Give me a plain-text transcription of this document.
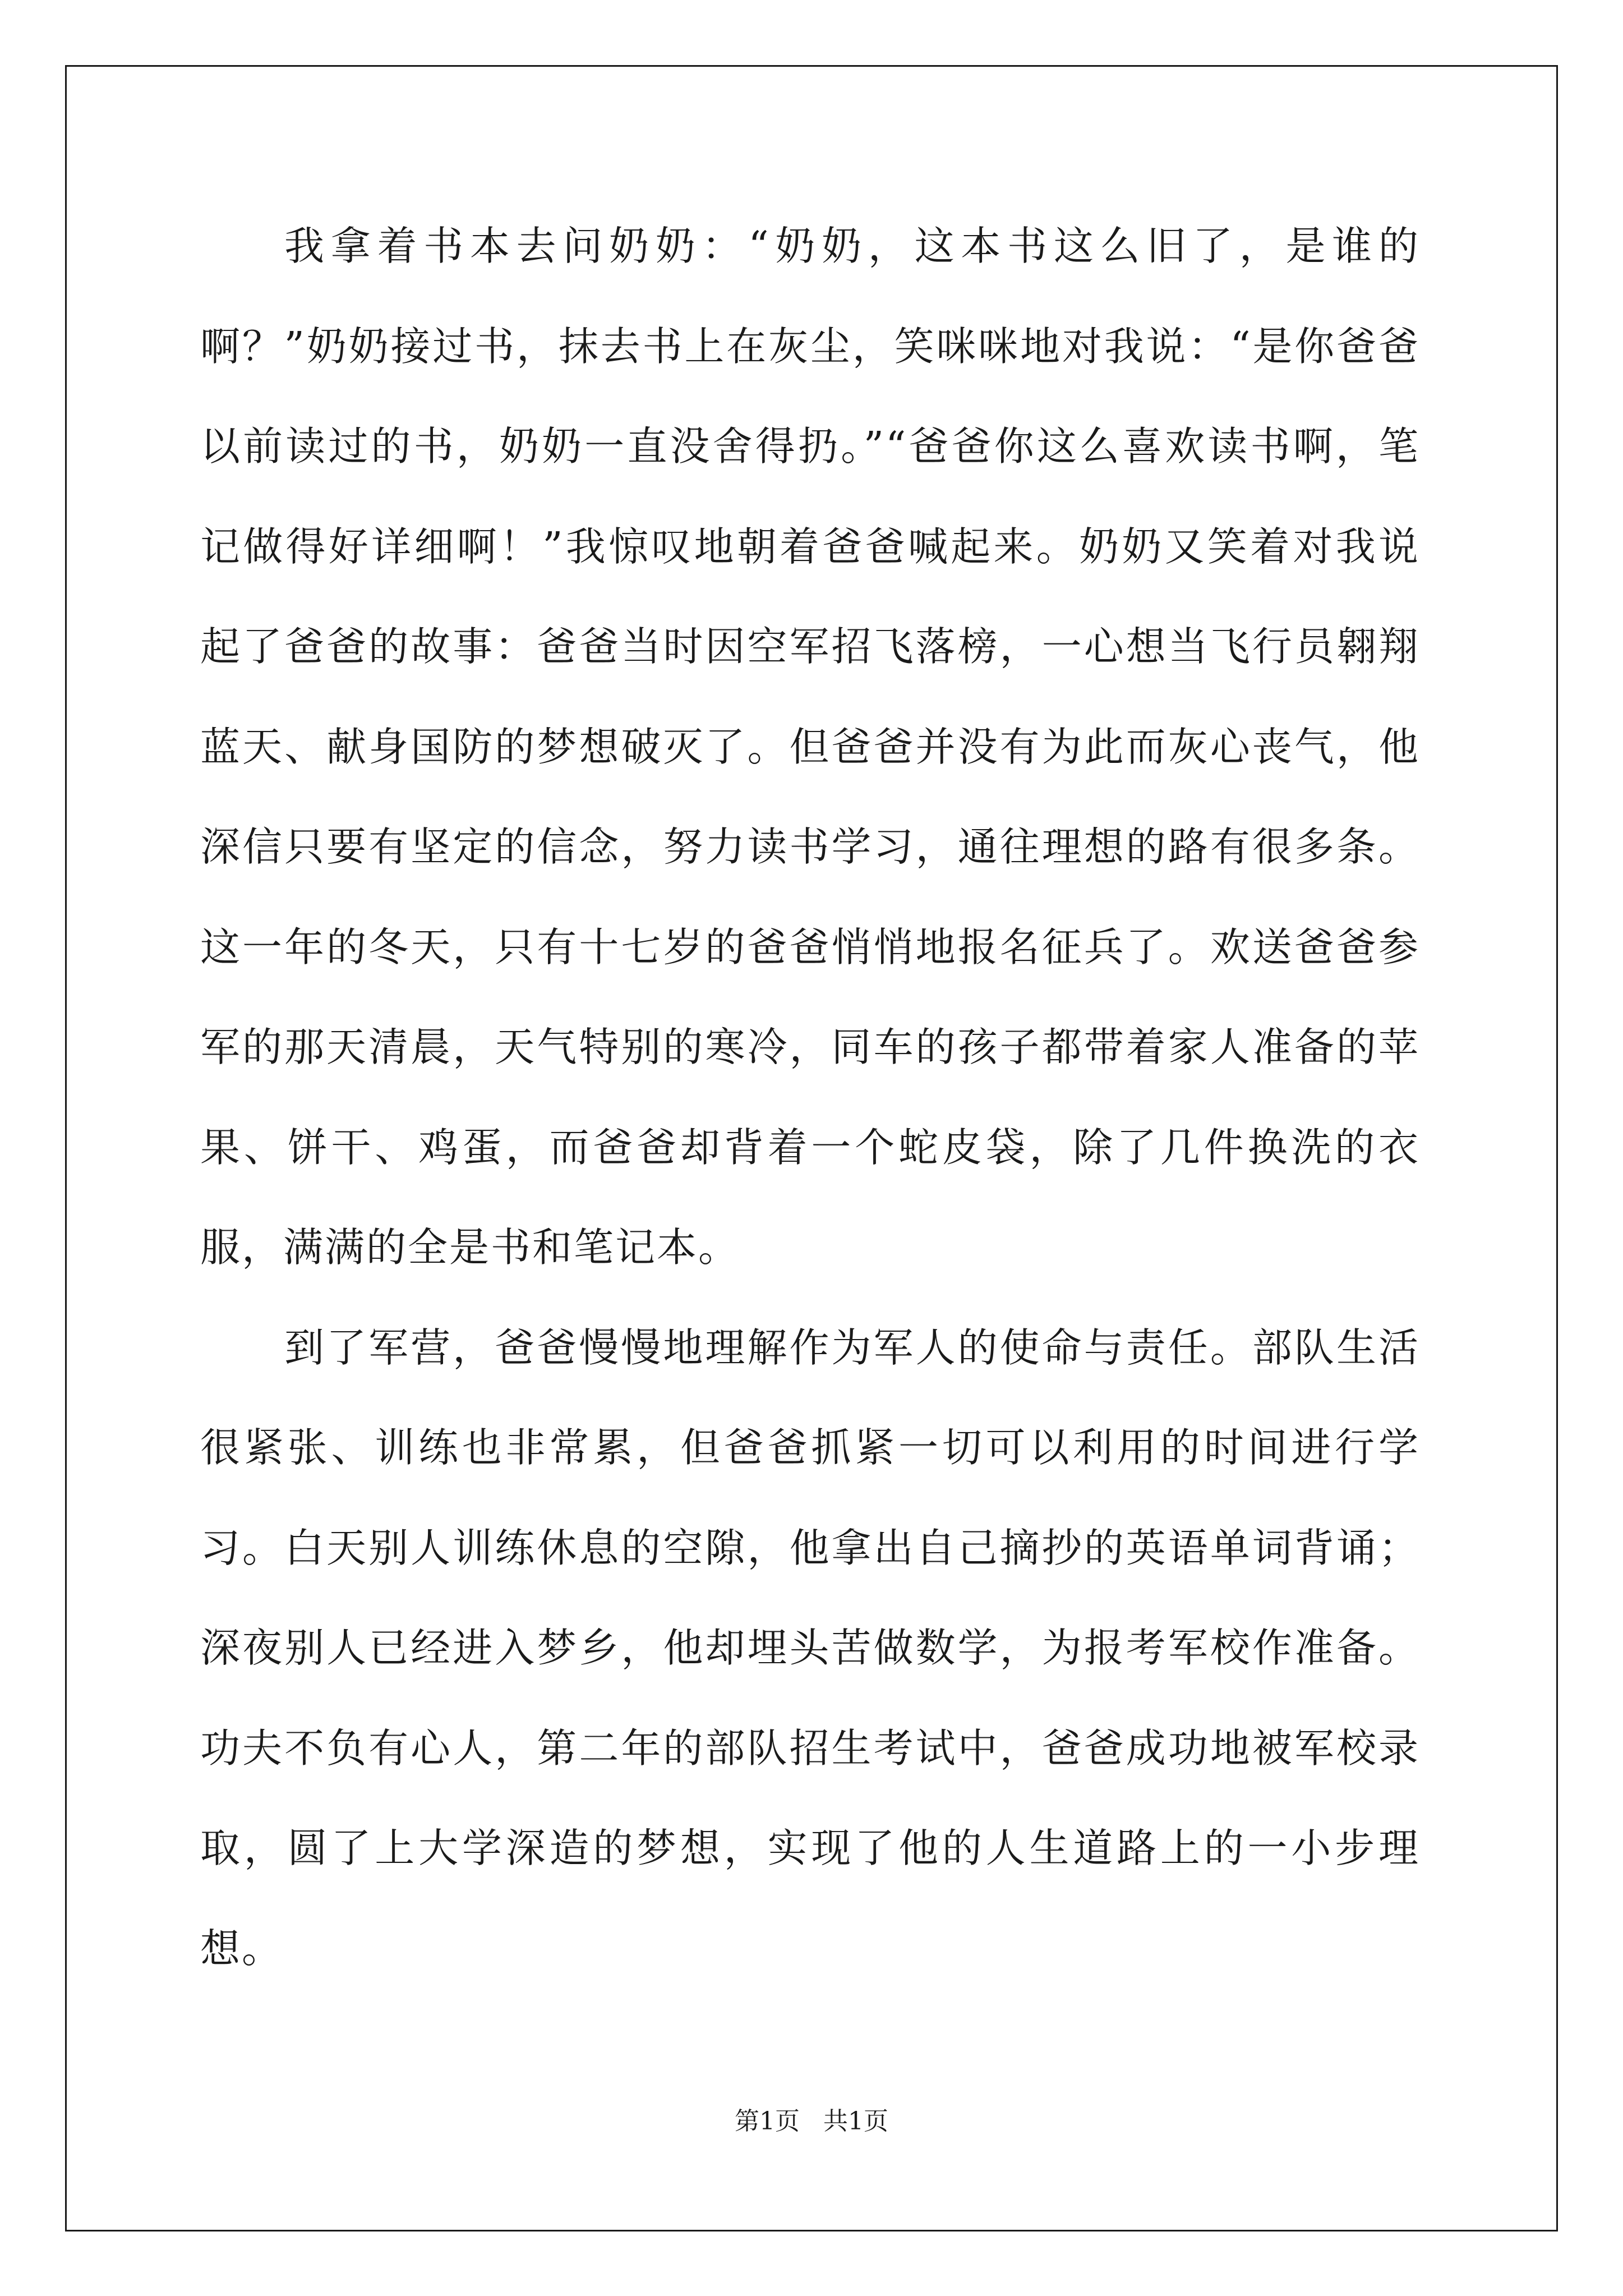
我拿着书本去问奶奶：“奶奶，这本书这么旧了，是谁的啊？”奶奶接过书，抹去书上在灰尘，笑咪咪地对我说：“是你爸爸以前读过的书，奶奶一直没舍得扔。”“爸爸你这么喜欢读书啊，笔记做得好详细啊！”我惊叹地朝着爸爸喊起来。奶奶又笑着对我说起了爸爸的故事：爸爸当时因空军招飞落榜，一心想当飞行员翱翔蓝天、献身国防的梦想破灭了。但爸爸并没有为此而灰心丧气，他深信只要有坚定的信念，努力读书学习，通往理想的路有很多条。这一年的冬天，只有十七岁的爸爸悄悄地报名征兵了。欢送爸爸参军的那天清晨，天气特别的寒冷，同车的孩子都带着家人准备的苹果、饼干、鸡蛋，而爸爸却背着一个蛇皮袋，除了几件换洗的衣服，满满的全是书和笔记本。

到了军营，爸爸慢慢地理解作为军人的使命与责任。部队生活很紧张、训练也非常累，但爸爸抓紧一切可以利用的时间进行学习。白天别人训练休息的空隙，他拿出自己摘抄的英语单词背诵；深夜别人已经进入梦乡，他却埋头苦做数学，为报考军校作准备。功夫不负有心人，第二年的部队招生考试中，爸爸成功地被军校录取，圆了上大学深造的梦想，实现了他的人生道路上的一小步理想。

第1页   共1页
